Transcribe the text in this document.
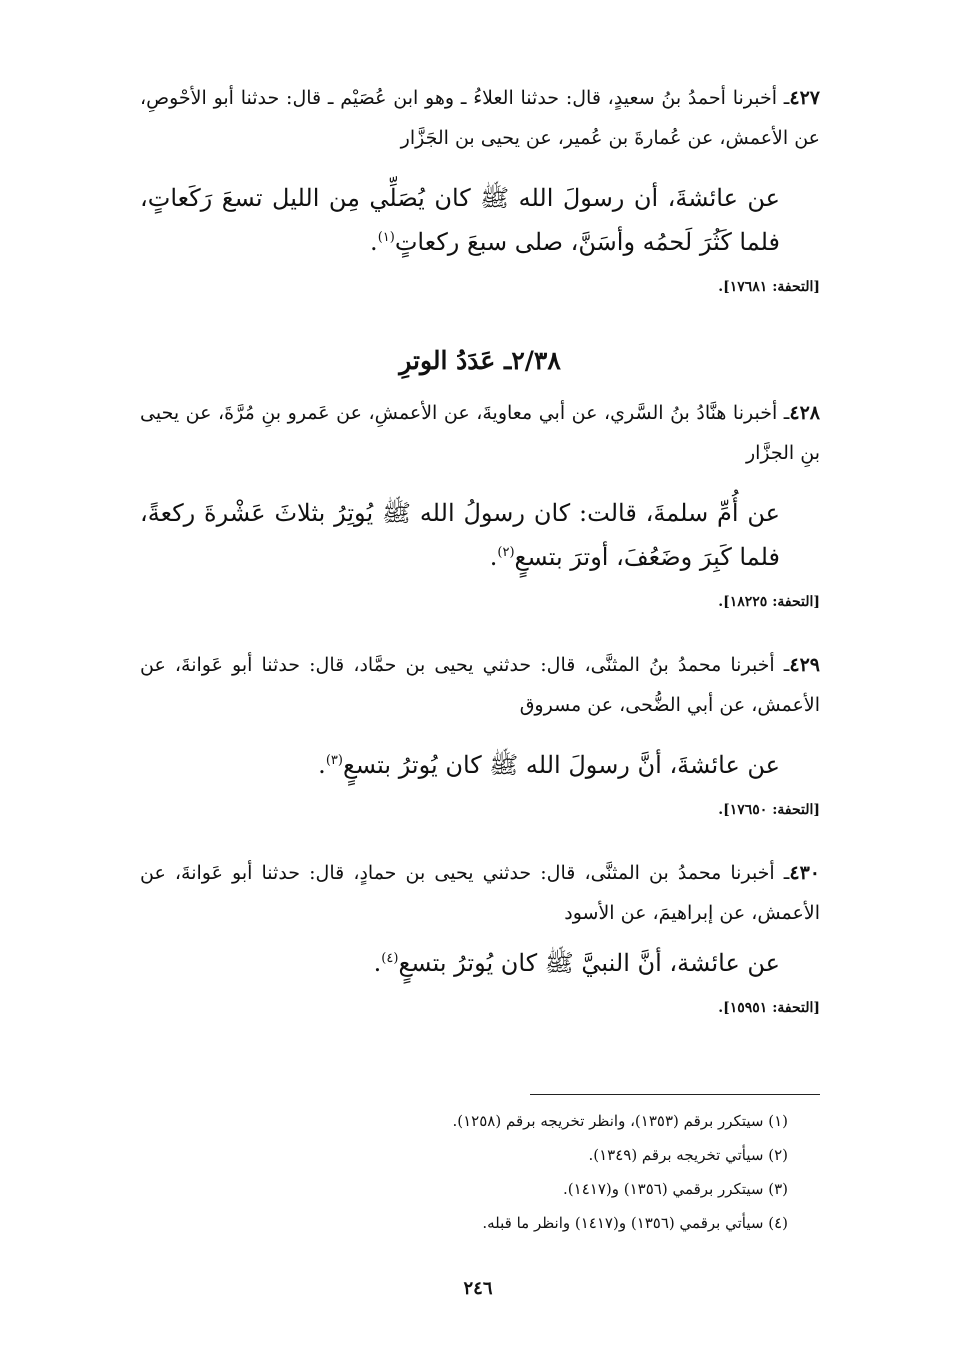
٤٢٧ـ أخبرنا أحمدُ بنُ سعيدٍ، قال: حدثنا العلاءُ ـ وهو ابن عُصَيْم ـ قال: حدثنا أبو الأحْوصِ، عن الأعمش، عن عُمارةَ بن عُمير، عن يحيى بن الجَزَّار

عن عائشةَ، أن رسولَ الله ﷺ كان يُصَلِّي مِن الليل تسعَ رَكَعاتٍ، فلما كَثُرَ لَحمُه وأسَنَّ، صلى سبعَ ركعاتٍ$^{(١)}$.

[التحفة: ١٧٦٨١].

٢/٣٨ـ عَدَدُ الوترِ

٤٢٨ـ أخبرنا هنَّادُ بنُ السَّري، عن أبي معاويةَ، عن الأعمشِ، عن عَمرو بنِ مُرَّةَ، عن يحيى بنِ الجزَّار

عن أُمِّ سلمةَ، قالت: كان رسولُ الله ﷺ يُوتِرُ بثلاثَ عَشْرةَ ركعةً، فلما كَبِرَ وضَعُفَ، أوترَ بتسعٍ$^{(٢)}$.

[التحفة: ١٨٢٢٥].

٤٢٩ـ أخبرنا محمدُ بنُ المثنَّى، قال: حدثني يحيى بن حمَّاد، قال: حدثنا أبو عَوانةَ، عن الأعمش، عن أبي الضُّحى، عن مسروق

عن عائشةَ، أنَّ رسولَ الله ﷺ كان يُوترُ بتسعٍ$^{(٣)}$.

[التحفة: ١٧٦٥٠].

٤٣٠ـ أخبرنا محمدُ بن المثنَّى، قال: حدثني يحيى بن حمادٍ، قال: حدثنا أبو عَوانةَ، عن الأعمش، عن إبراهيمَ، عن الأسود

عن عائشة، أنَّ النبيَّ ﷺ كان يُوترُ بتسعٍ$^{(٤)}$.

[التحفة: ١٥٩٥١].

(١) سيتكرر برقم (١٣٥٣)، وانظر تخريجه برقم (١٢٥٨).

(٢) سيأتي تخريجه برقم (١٣٤٩).

(٣) سيتكرر برقمي (١٣٥٦) و(١٤١٧).

(٤) سيأتي برقمي (١٣٥٦) و(١٤١٧) وانظر ما قبله.

٢٤٦
